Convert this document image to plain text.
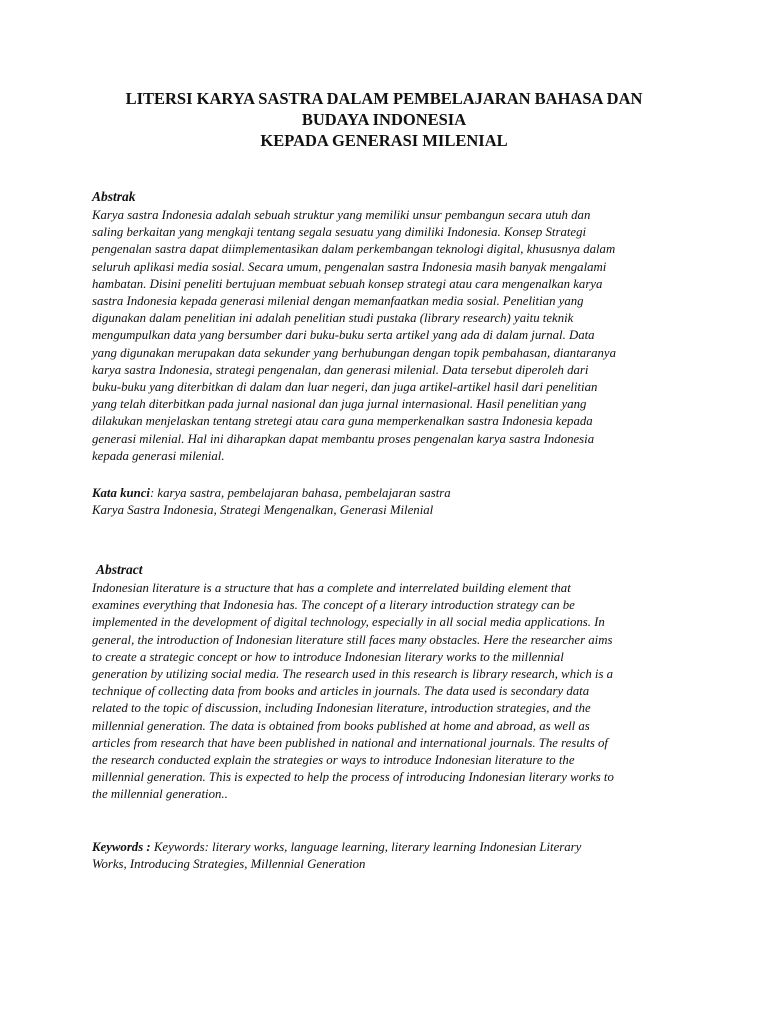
LITERSI KARYA SASTRA DALAM PEMBELAJARAN BAHASA DAN
BUDAYA INDONESIA
KEPADA GENERASI MILENIAL
Abstrak
Karya sastra Indonesia adalah sebuah struktur yang memiliki unsur pembangun secara utuh dan
saling berkaitan yang mengkaji tentang segala sesuatu yang dimiliki Indonesia. Konsep Strategi
pengenalan sastra dapat diimplementasikan dalam perkembangan teknologi digital, khususnya dalam
seluruh aplikasi media sosial. Secara umum, pengenalan sastra Indonesia masih banyak mengalami
hambatan. Disini peneliti bertujuan membuat sebuah konsep strategi atau cara mengenalkan karya
sastra Indonesia kepada generasi milenial dengan memanfaatkan media sosial. Penelitian yang
digunakan dalam penelitian ini adalah penelitian studi pustaka (library research) yaitu teknik
mengumpulkan data yang bersumber dari buku-buku serta artikel yang ada di dalam jurnal. Data
yang digunakan merupakan data sekunder yang berhubungan dengan topik pembahasan, diantaranya
karya sastra Indonesia, strategi pengenalan, dan generasi milenial. Data tersebut diperoleh dari
buku-buku yang diterbitkan di dalam dan luar negeri, dan juga artikel-artikel hasil dari penelitian
yang telah diterbitkan pada jurnal nasional dan juga jurnal internasional. Hasil penelitian yang
dilakukan menjelaskan tentang stretegi atau cara guna memperkenalkan sastra Indonesia kepada
generasi milenial. Hal ini diharapkan dapat membantu proses pengenalan karya sastra Indonesia
kepada generasi milenial.
Kata kunci: karya sastra, pembelajaran bahasa, pembelajaran sastra
Karya Sastra Indonesia, Strategi Mengenalkan, Generasi Milenial
Abstract
Indonesian literature is a structure that has a complete and interrelated building element that
examines everything that Indonesia has. The concept of a literary introduction strategy can be
implemented in the development of digital technology, especially in all social media applications. In
general, the introduction of Indonesian literature still faces many obstacles. Here the researcher aims
to create a strategic concept or how to introduce Indonesian literary works to the millennial
generation by utilizing social media. The research used in this research is library research, which is a
technique of collecting data from books and articles in journals. The data used is secondary data
related to the topic of discussion, including Indonesian literature, introduction strategies, and the
millennial generation. The data is obtained from books published at home and abroad, as well as
articles from research that have been published in national and international journals. The results of
the research conducted explain the strategies or ways to introduce Indonesian literature to the
millennial generation. This is expected to help the process of introducing Indonesian literary works to
the millennial generation..
Keywords : Keywords: literary works, language learning, literary learning Indonesian Literary
Works, Introducing Strategies, Millennial Generation
